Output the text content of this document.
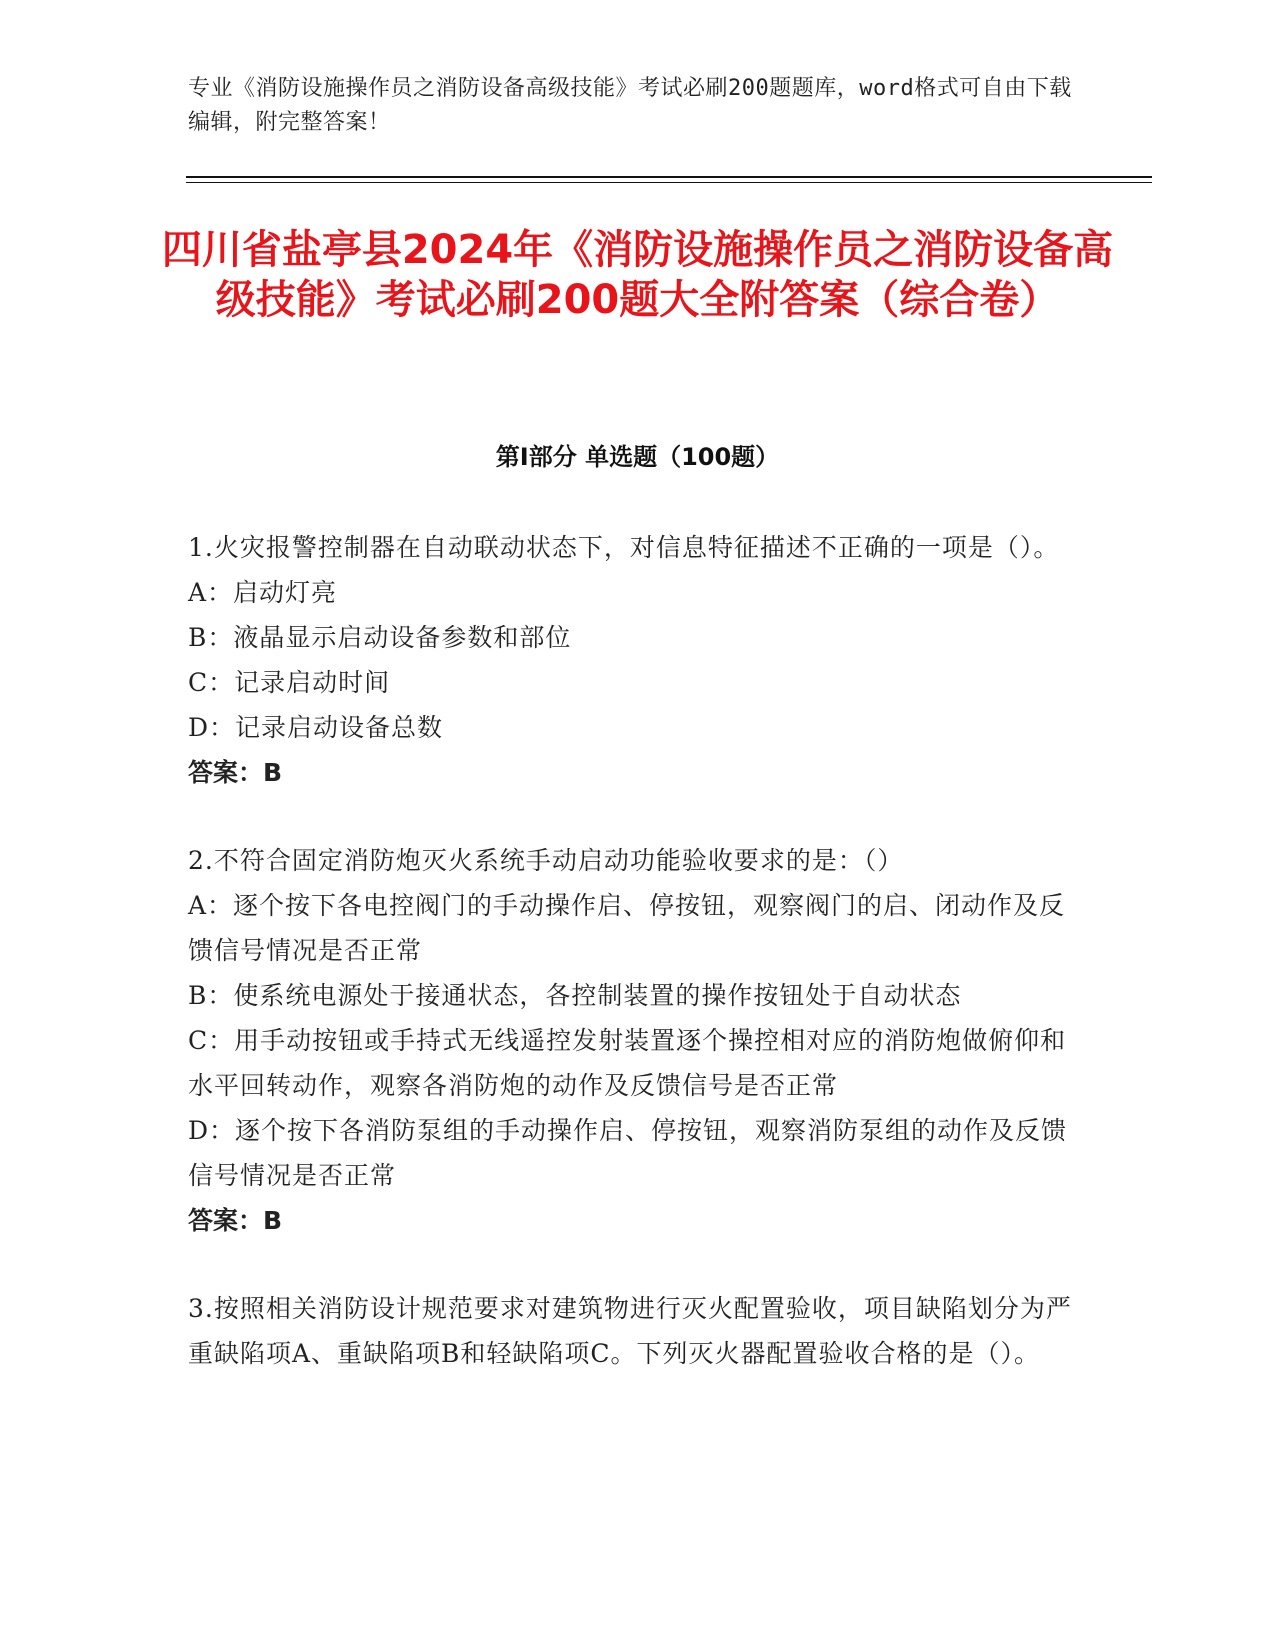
专业《消防设施操作员之消防设备高级技能》考试必刷200题题库，word格式可自由下载编辑，附完整答案！
四川省盐亭县2024年《消防设施操作员之消防设备高级技能》考试必刷200题大全附答案（综合卷）
第I部分 单选题（100题）

1.火灾报警控制器在自动联动状态下，对信息特征描述不正确的一项是（）。

A：启动灯亮

B：液晶显示启动设备参数和部位

C：记录启动时间

D：记录启动设备总数

答案：B

2.不符合固定消防炮灭火系统手动启动功能验收要求的是：（）

A：逐个按下各电控阀门的手动操作启、停按钮，观察阀门的启、闭动作及反馈信号情况是否正常

B：使系统电源处于接通状态，各控制装置的操作按钮处于自动状态

C：用手动按钮或手持式无线遥控发射装置逐个操控相对应的消防炮做俯仰和水平回转动作，观察各消防炮的动作及反馈信号是否正常

D：逐个按下各消防泵组的手动操作启、停按钮，观察消防泵组的动作及反馈信号情况是否正常

答案：B

3.按照相关消防设计规范要求对建筑物进行灭火配置验收，项目缺陷划分为严重缺陷项A、重缺陷项B和轻缺陷项C。下列灭火器配置验收合格的是（）。
